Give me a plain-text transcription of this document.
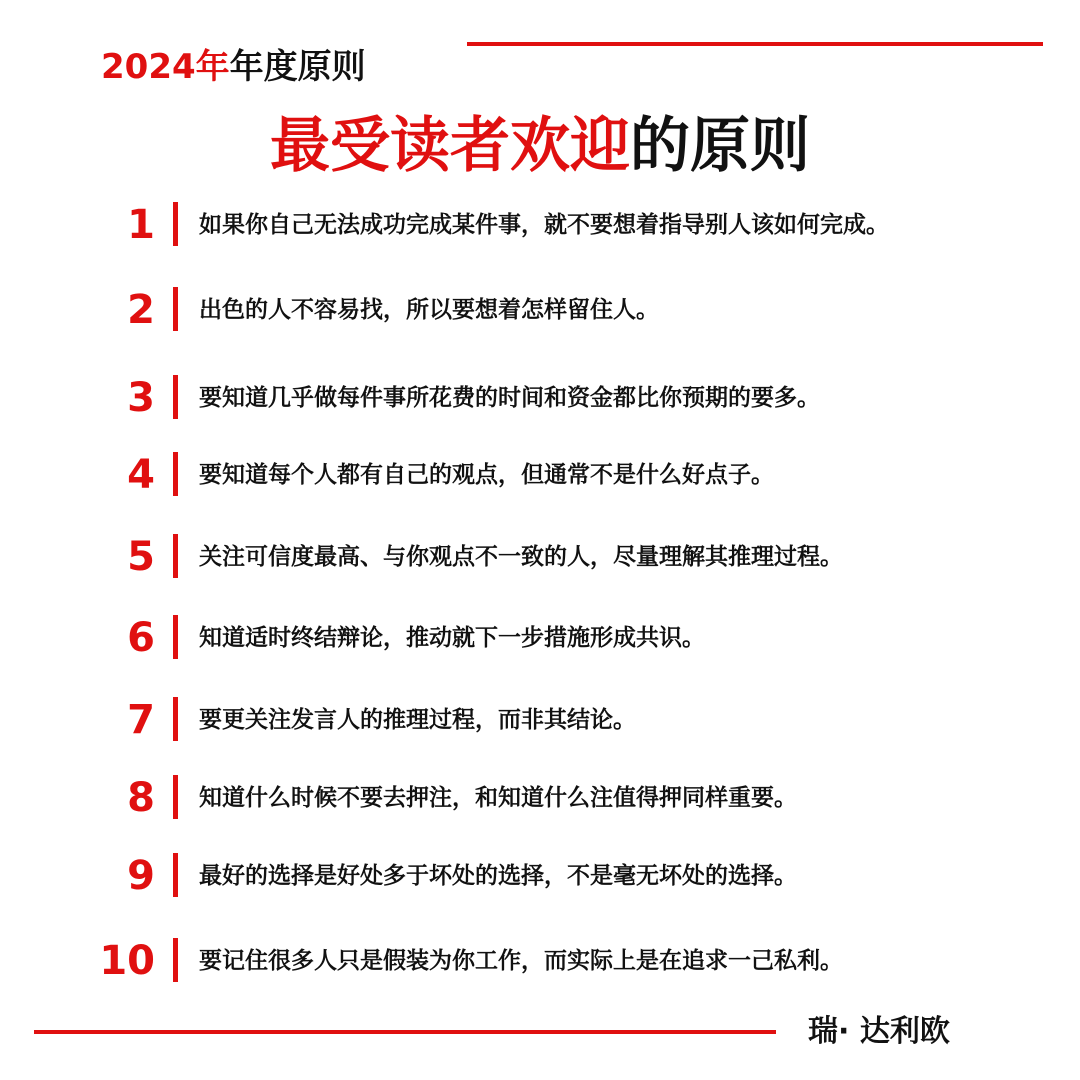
2024年年度原则
最受读者欢迎的原则
1 如果你自己无法成功完成某件事，就不要想着指导别人该如何完成。
2 出色的人不容易找，所以要想着怎样留住人。
3 要知道几乎做每件事所花费的时间和资金都比你预期的要多。
4 要知道每个人都有自己的观点，但通常不是什么好点子。
5 关注可信度最高、与你观点不一致的人，尽量理解其推理过程。
6 知道适时终结辩论，推动就下一步措施形成共识。
7 要更关注发言人的推理过程，而非其结论。
8 知道什么时候不要去押注，和知道什么注值得押同样重要。
9 最好的选择是好处多于坏处的选择，不是毫无坏处的选择。
10 要记住很多人只是假装为你工作，而实际上是在追求一己私利。
瑞· 达利欧
